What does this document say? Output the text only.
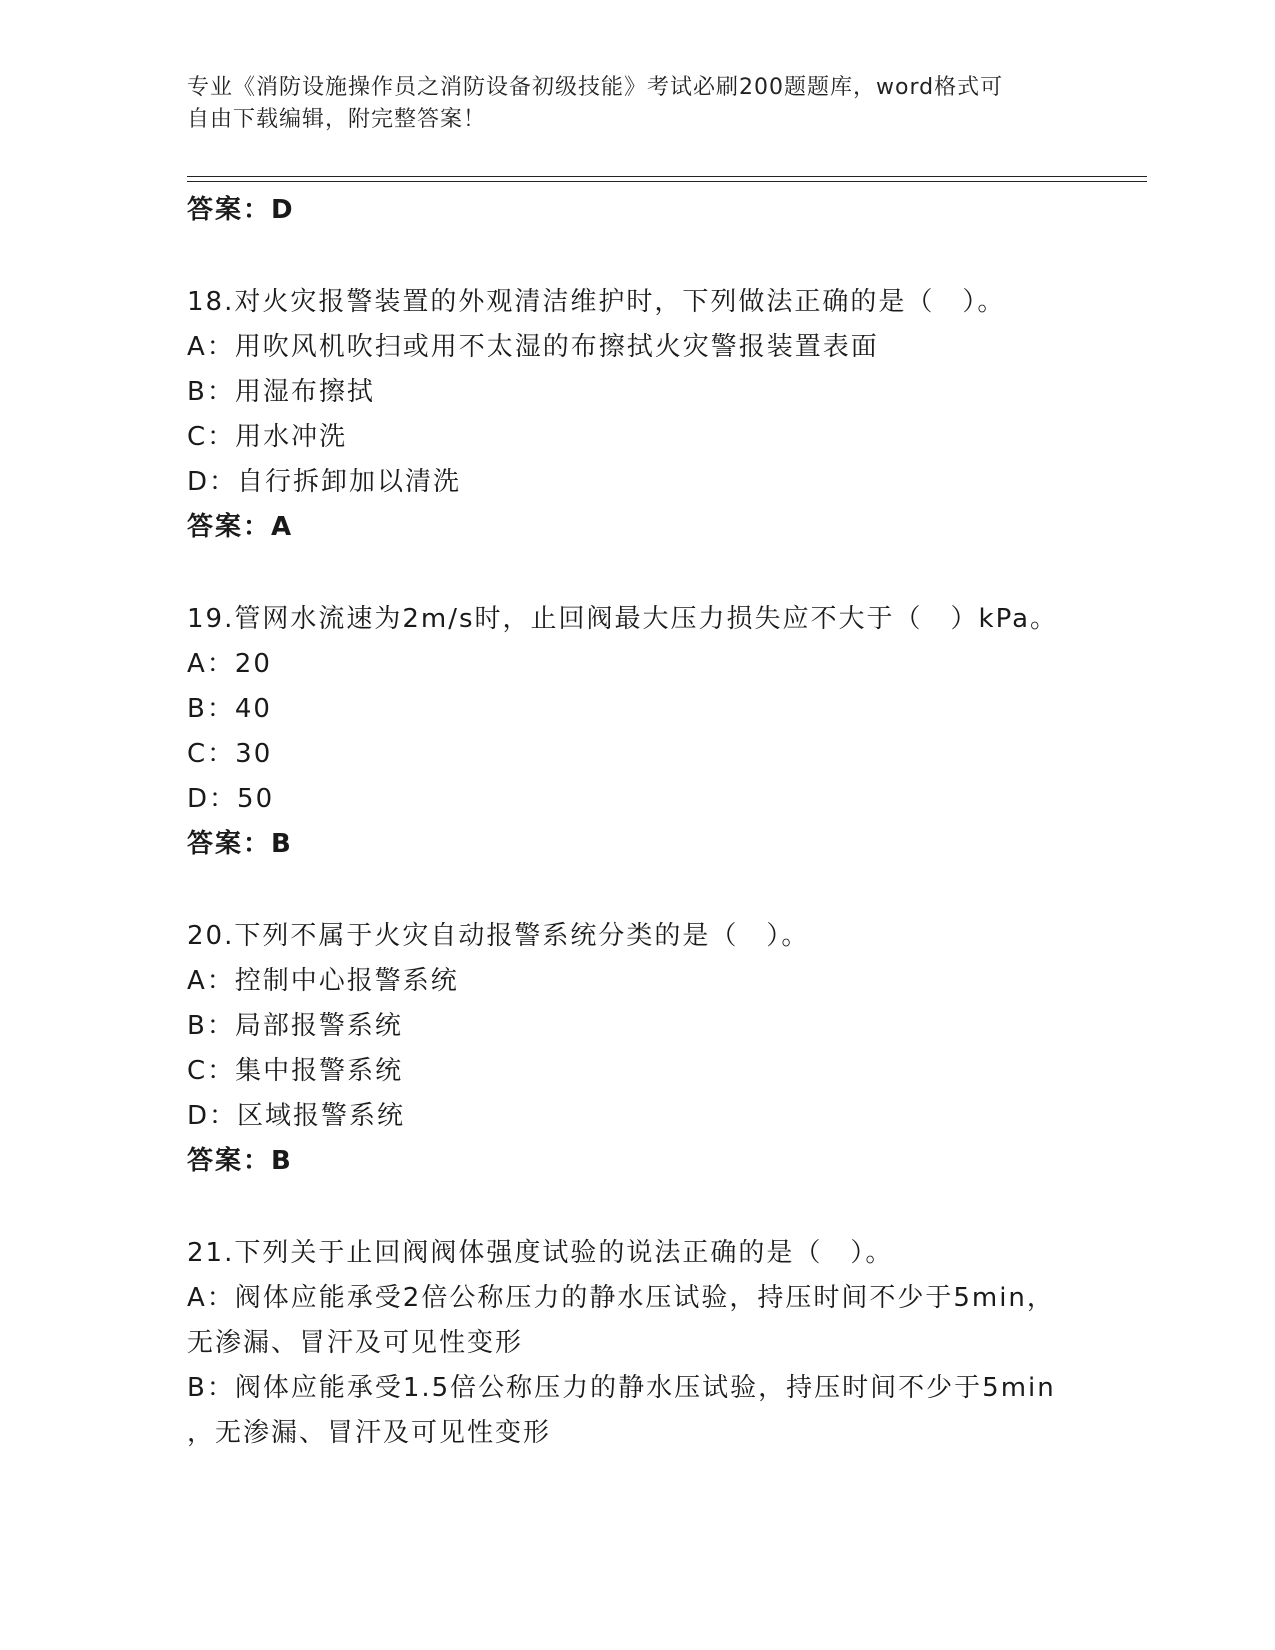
专业《消防设施操作员之消防设备初级技能》考试必刷200题题库，word格式可
自由下载编辑，附完整答案！
答案：D
18.对火灾报警装置的外观清洁维护时，下列做法正确的是（　）。
A：用吹风机吹扫或用不太湿的布擦拭火灾警报装置表面
B：用湿布擦拭
C：用水冲洗
D：自行拆卸加以清洗
答案：A
19.管网水流速为2m/s时，止回阀最大压力损失应不大于（　）kPa。
A：20
B：40
C：30
D：50
答案：B
20.下列不属于火灾自动报警系统分类的是（　）。
A：控制中心报警系统
B：局部报警系统
C：集中报警系统
D：区域报警系统
答案：B
21.下列关于止回阀阀体强度试验的说法正确的是（　）。
A：阀体应能承受2倍公称压力的静水压试验，持压时间不少于5min，
无渗漏、冒汗及可见性变形
B：阀体应能承受1.5倍公称压力的静水压试验，持压时间不少于5min
，无渗漏、冒汗及可见性变形
